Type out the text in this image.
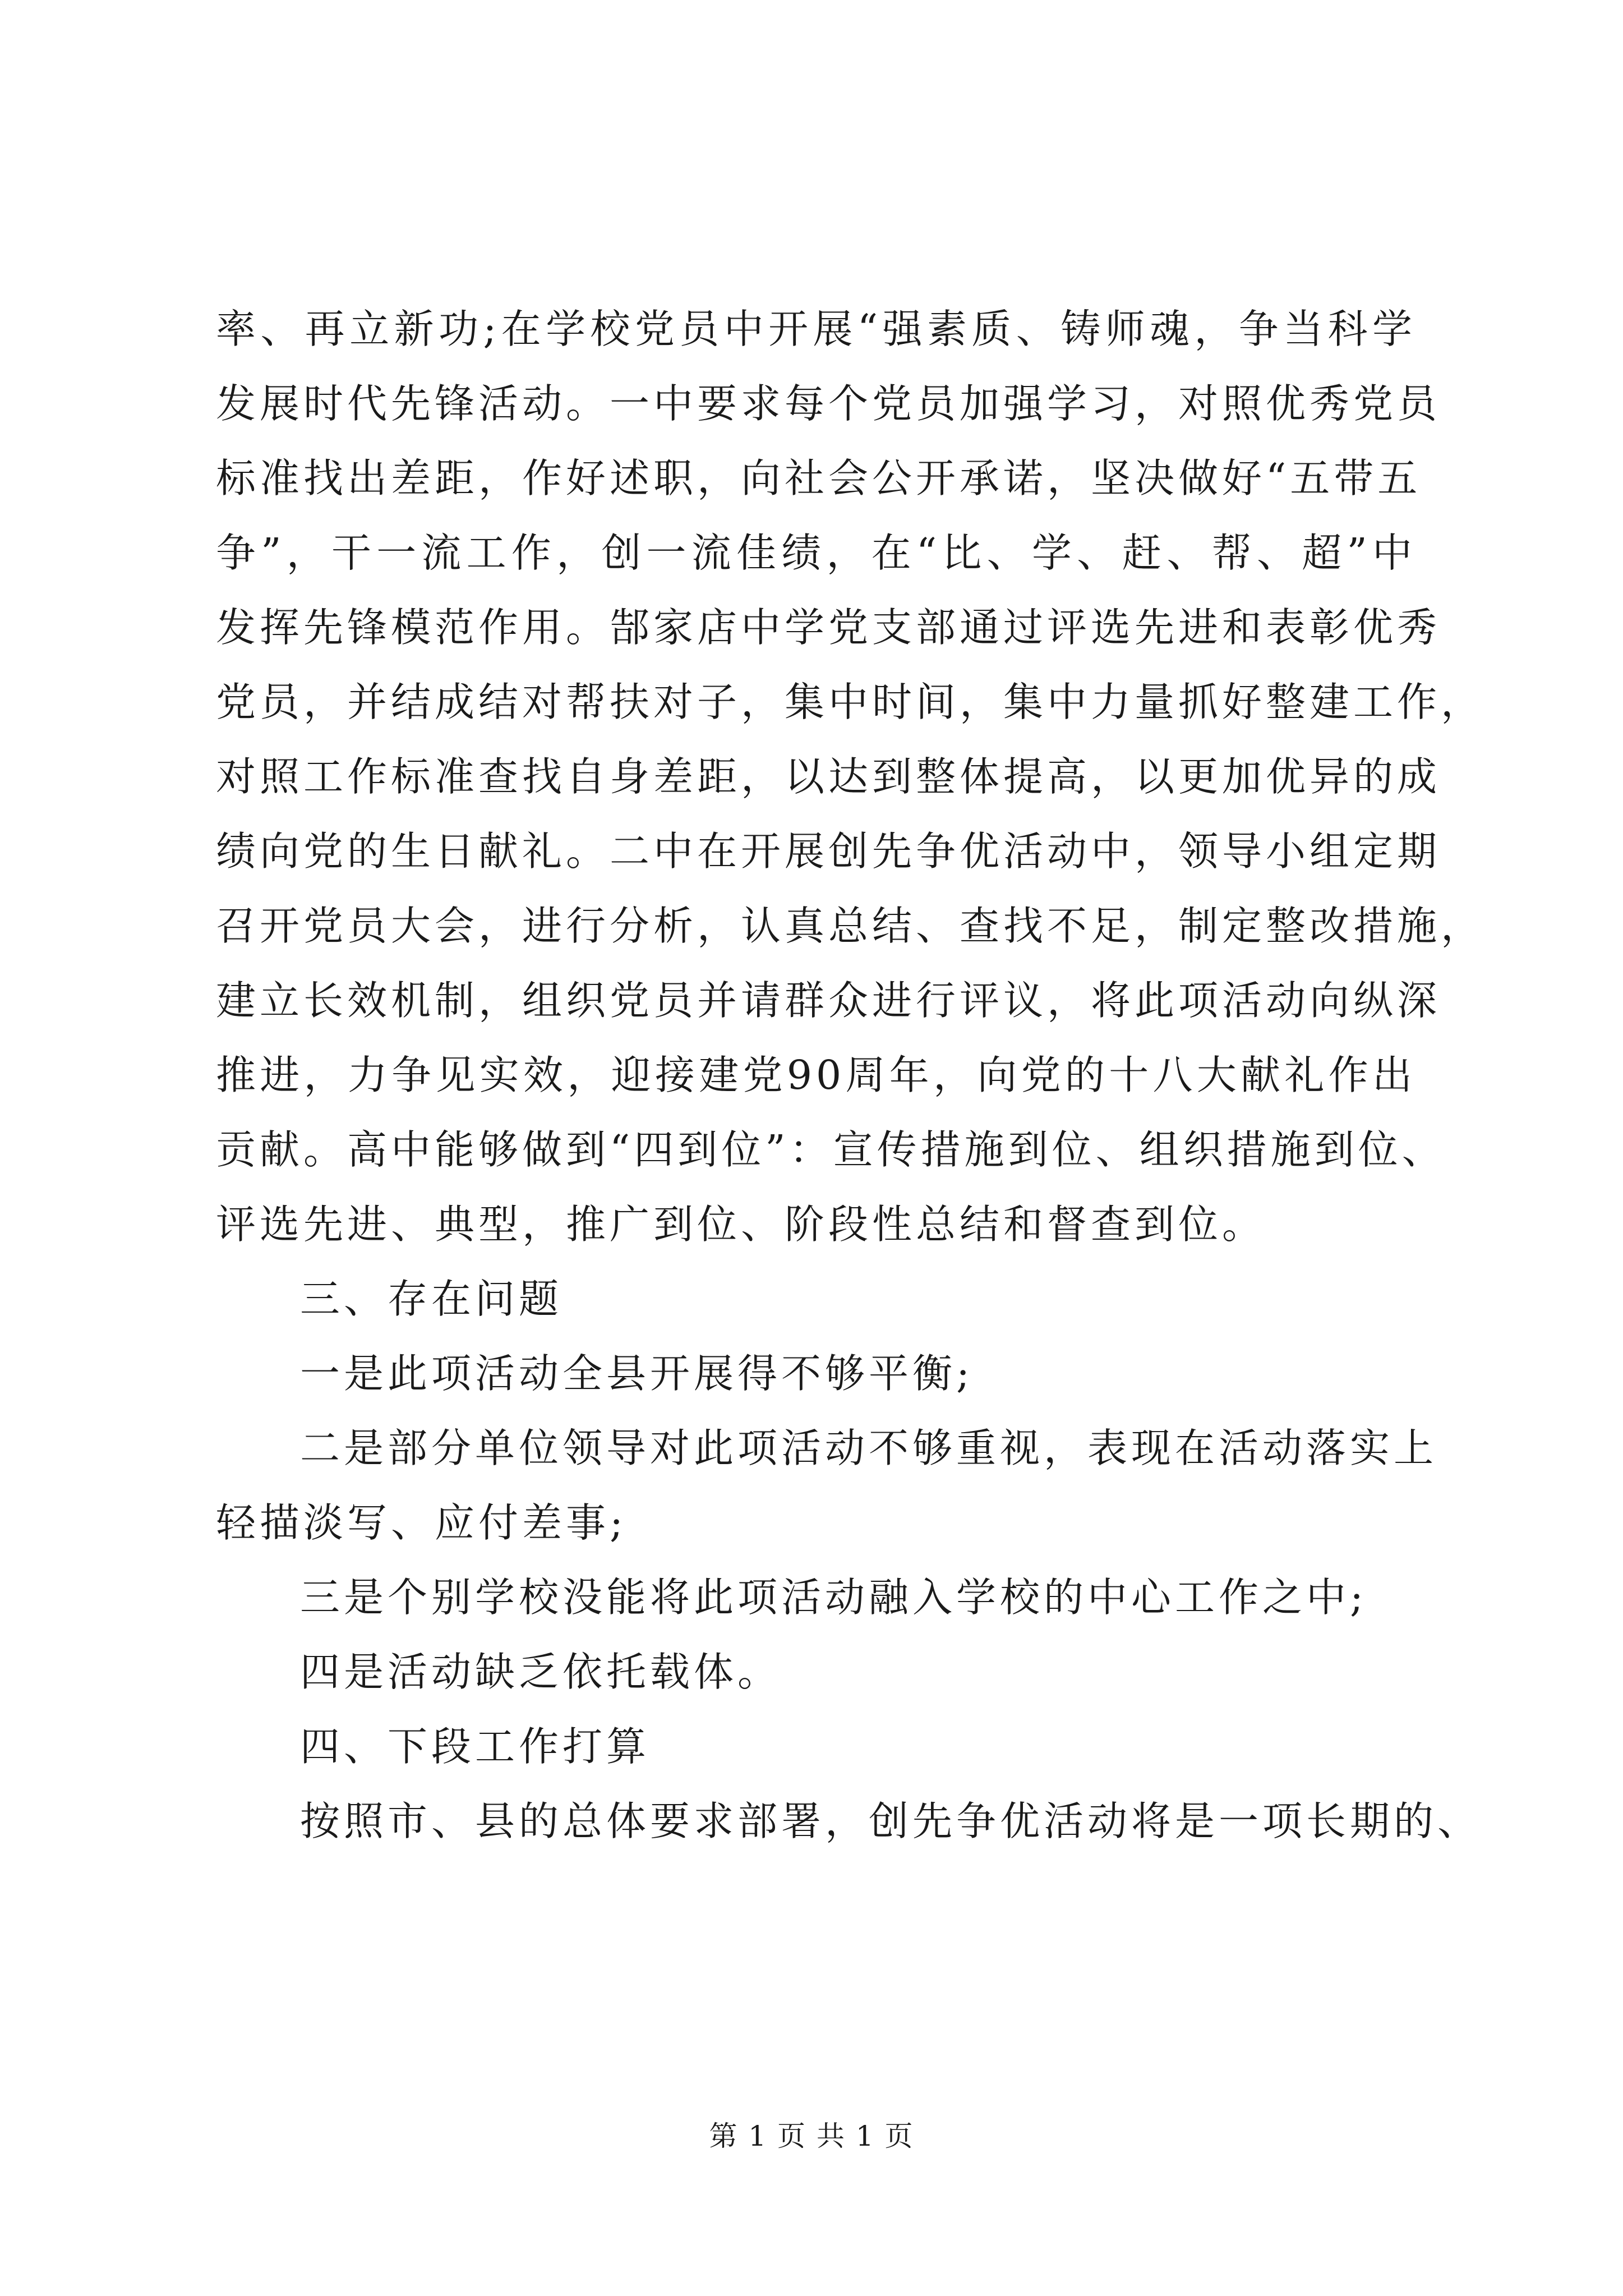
率、再立新功;在学校党员中开展“强素质、铸师魂，争当科学
发展时代先锋活动。一中要求每个党员加强学习，对照优秀党员
标准找出差距，作好述职，向社会公开承诺，坚决做好“五带五
争”，干一流工作，创一流佳绩，在“比、学、赶、帮、超”中
发挥先锋模范作用。郜家店中学党支部通过评选先进和表彰优秀
党员，并结成结对帮扶对子，集中时间，集中力量抓好整建工作，
对照工作标准查找自身差距，以达到整体提高，以更加优异的成
绩向党的生日献礼。二中在开展创先争优活动中，领导小组定期
召开党员大会，进行分析，认真总结、查找不足，制定整改措施，
建立长效机制，组织党员并请群众进行评议，将此项活动向纵深
推进，力争见实效，迎接建党90周年，向党的十八大献礼作出
贡献。高中能够做到“四到位”：宣传措施到位、组织措施到位、
评选先进、典型，推广到位、阶段性总结和督查到位。
三、存在问题
一是此项活动全县开展得不够平衡;
二是部分单位领导对此项活动不够重视，表现在活动落实上
轻描淡写、应付差事;
三是个别学校没能将此项活动融入学校的中心工作之中;
四是活动缺乏依托载体。
四、下段工作打算
按照市、县的总体要求部署，创先争优活动将是一项长期的、
第 1 页 共 1 页
